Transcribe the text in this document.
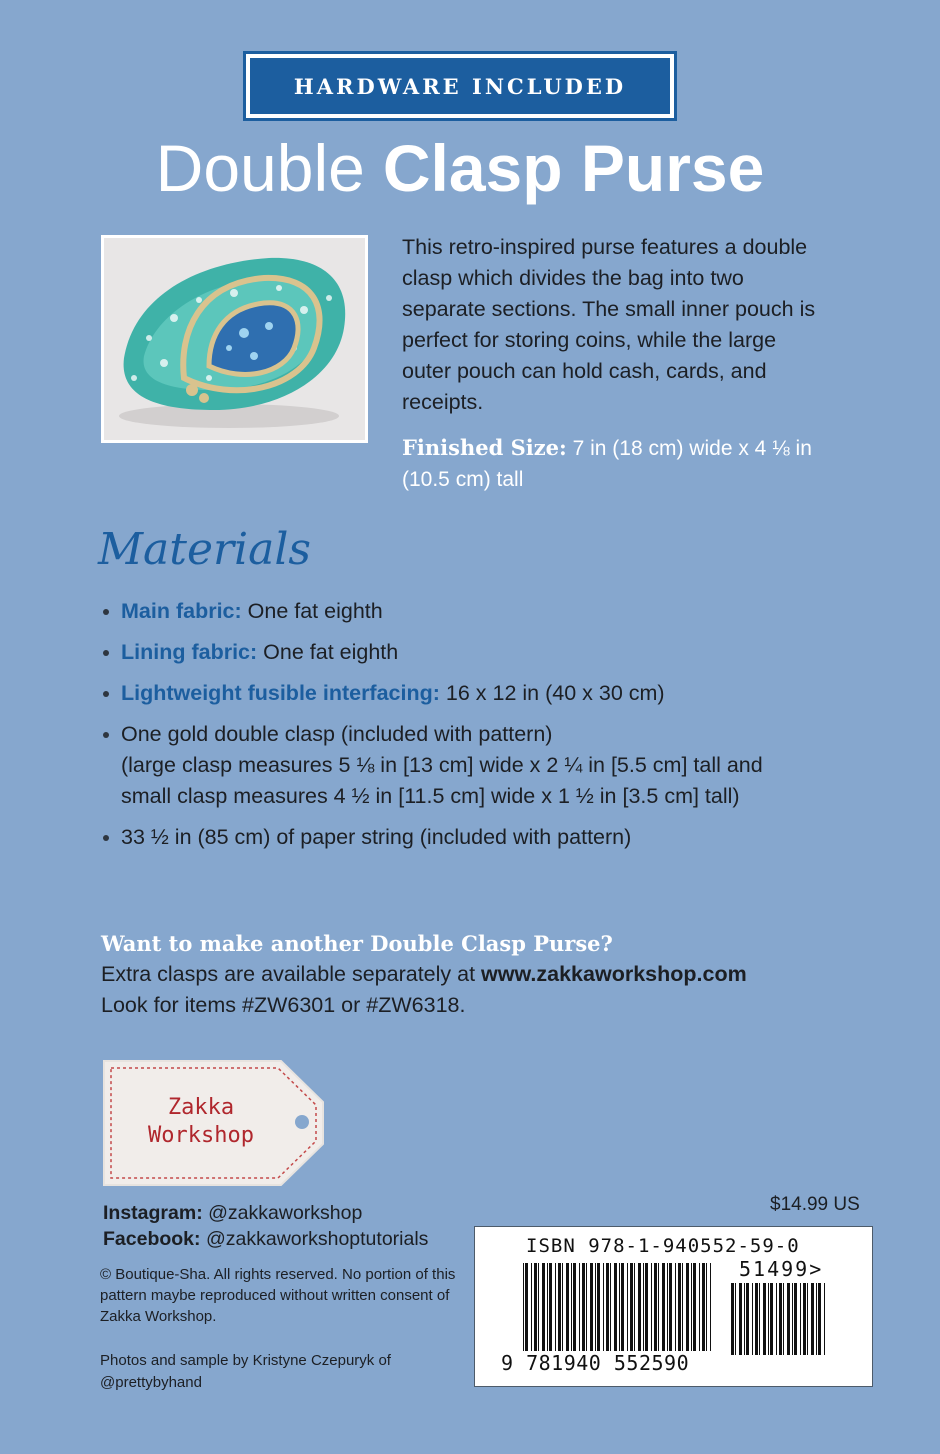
HARDWARE INCLUDED
Double Clasp Purse
This retro-inspired purse features a double clasp which divides the bag into two separate sections. The small inner pouch is perfect for storing coins, while the large outer pouch can hold cash, cards, and receipts.
Finished Size: 7 in (18 cm) wide x 4 ⅛ in (10.5 cm) tall
Materials
Main fabric: One fat eighth
Lining fabric: One fat eighth
Lightweight fusible interfacing: 16 x 12 in (40 x 30 cm)
One gold double clasp (included with pattern)
(large clasp measures 5 ⅛ in [13 cm] wide x 2 ¼ in [5.5 cm] tall and
small clasp measures 4 ½ in [11.5 cm] wide x 1 ½ in [3.5 cm] tall)
33 ½ in (85 cm) of paper string (included with pattern)
Want to make another Double Clasp Purse?

Extra clasps are available separately at www.zakkaworkshop.com

Look for items #ZW6301 or #ZW6318.

Zakka
Workshop
Instagram: @zakkaworkshop
Facebook: @zakkaworkshoptutorials
© Boutique-Sha. All rights reserved. No portion of this pattern maybe reproduced without written consent of Zakka Workshop.
Photos and sample by Kristyne Czepuryk of @prettybyhand
$14.99 US
ISBN 978-1-940552-59-0
51499>
9 781940 552590
